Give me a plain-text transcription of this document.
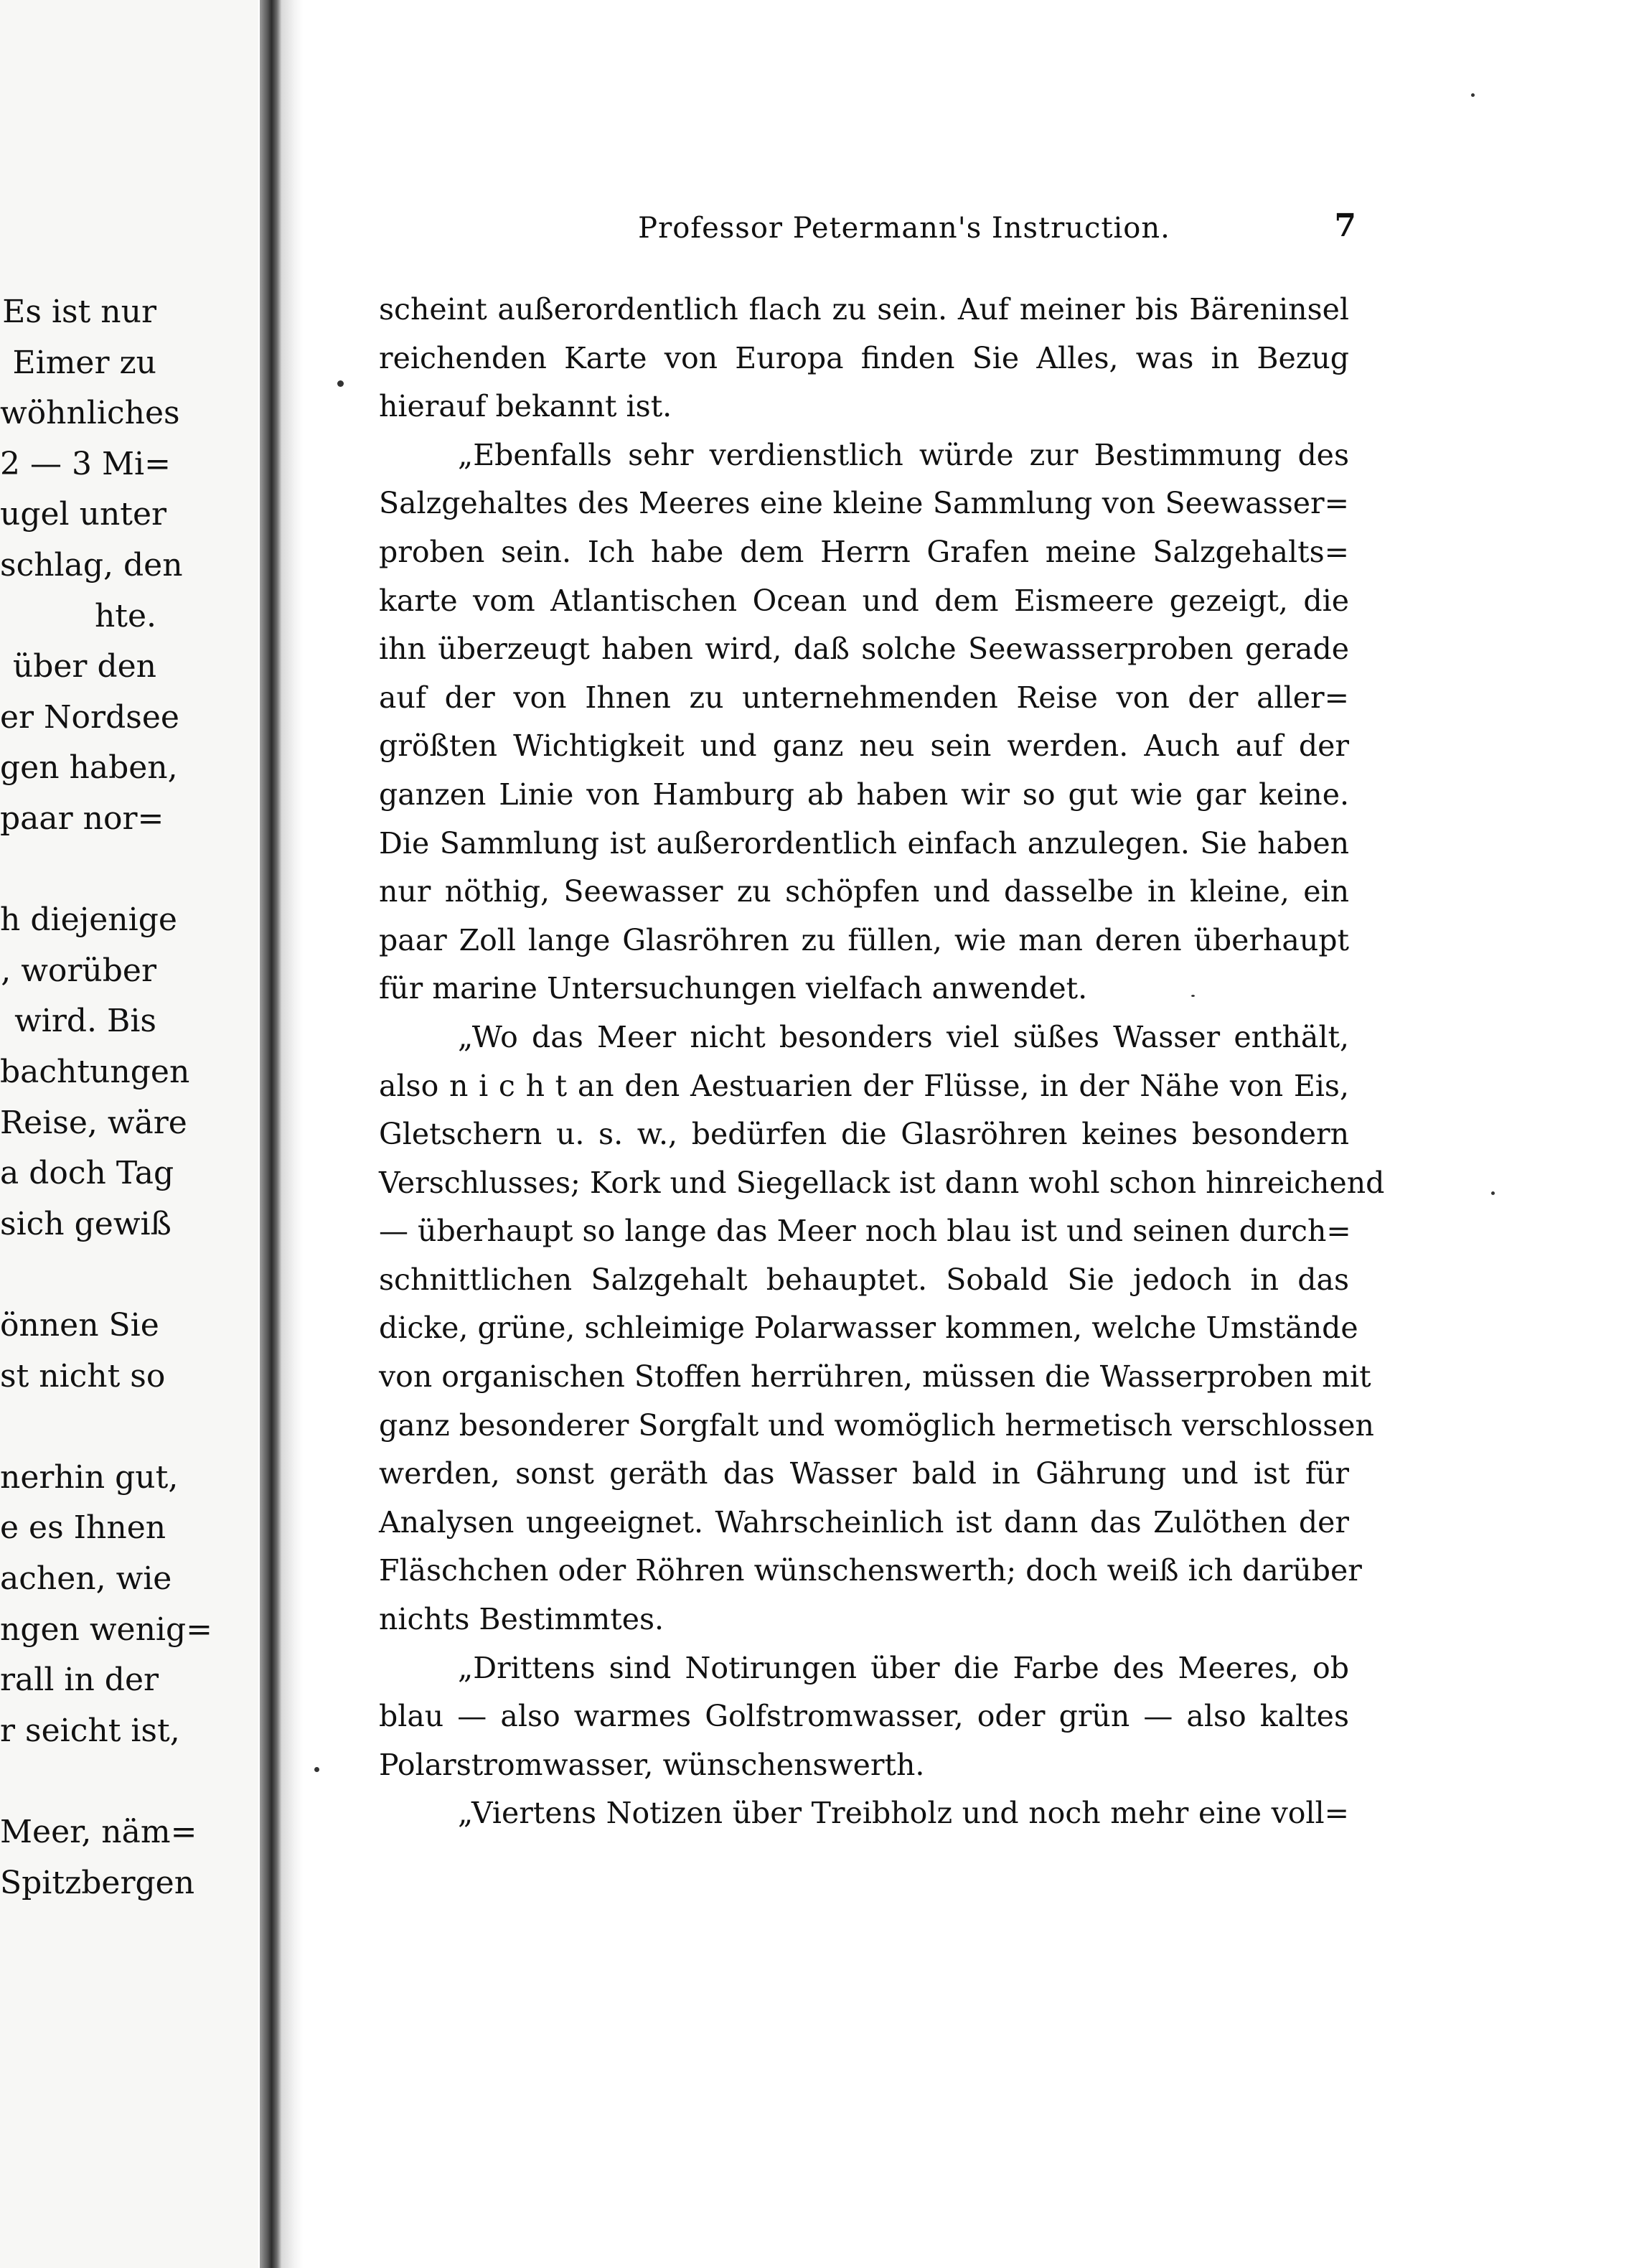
Es ist nur
Eimer zu
wöhnliches
2 — 3 Mi=
ugel unter
schlag, den
hte.
über den
er Nordsee
gen haben,
paar nor=
h diejenige
, worüber
wird. Bis
bachtungen
Reise, wäre
a doch Tag
sich gewiß
önnen Sie
st nicht so
nerhin gut,
e es Ihnen
achen, wie
ngen wenig=
rall in der
r seicht ist,
Meer, näm=
Spitzbergen
Professor Petermann's Instruction.	7
scheint außerordentlich flach zu sein. Auf meiner bis Bäreninsel
reichenden Karte von Europa finden Sie Alles, was in Bezug
hierauf bekannt ist.
„Ebenfalls sehr verdienstlich würde zur Bestimmung des
Salzgehaltes des Meeres eine kleine Sammlung von Seewasser=
proben sein. Ich habe dem Herrn Grafen meine Salzgehalts=
karte vom Atlantischen Ocean und dem Eismeere gezeigt, die
ihn überzeugt haben wird, daß solche Seewasserproben gerade
auf der von Ihnen zu unternehmenden Reise von der aller=
größten Wichtigkeit und ganz neu sein werden. Auch auf der
ganzen Linie von Hamburg ab haben wir so gut wie gar keine.
Die Sammlung ist außerordentlich einfach anzulegen. Sie haben
nur nöthig, Seewasser zu schöpfen und dasselbe in kleine, ein
paar Zoll lange Glasröhren zu füllen, wie man deren überhaupt
für marine Untersuchungen vielfach anwendet.
„Wo das Meer nicht besonders viel süßes Wasser enthält,
also n i c h t an den Aestuarien der Flüsse, in der Nähe von Eis,
Gletschern u. s. w., bedürfen die Glasröhren keines besondern
Verschlusses; Kork und Siegellack ist dann wohl schon hinreichend
— überhaupt so lange das Meer noch blau ist und seinen durch=
schnittlichen Salzgehalt behauptet. Sobald Sie jedoch in das
dicke, grüne, schleimige Polarwasser kommen, welche Umstände
von organischen Stoffen herrühren, müssen die Wasserproben mit
ganz besonderer Sorgfalt und womöglich hermetisch verschlossen
werden, sonst geräth das Wasser bald in Gährung und ist für
Analysen ungeeignet. Wahrscheinlich ist dann das Zulöthen der
Fläschchen oder Röhren wünschenswerth; doch weiß ich darüber
nichts Bestimmtes.
„Drittens sind Notirungen über die Farbe des Meeres, ob
blau — also warmes Golfstromwasser, oder grün — also kaltes
Polarstromwasser, wünschenswerth.
„Viertens Notizen über Treibholz und noch mehr eine voll=
